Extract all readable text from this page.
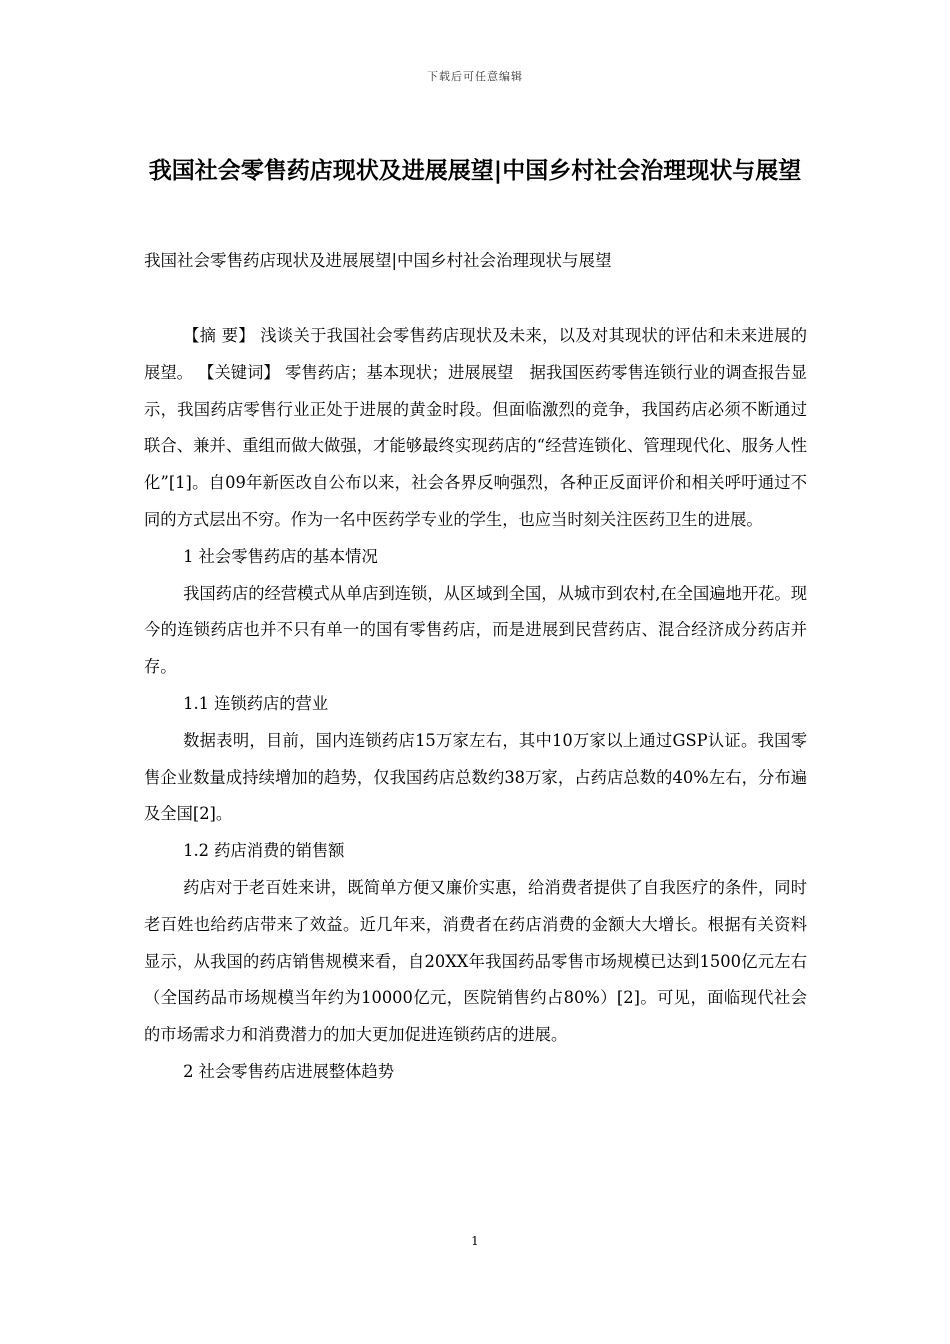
下载后可任意编辑
我国社会零售药店现状及进展展望|中国乡村社会治理现状与展望

我国社会零售药店现状及进展展望|中国乡村社会治理现状与展望

【摘 要】 浅谈关于我国社会零售药店现状及未来，以及对其现状的评估和未来进展的展望。 【关键词】 零售药店；基本现状；进展展望　据我国医药零售连锁行业的调查报告显示，我国药店零售行业正处于进展的黄金时段。但面临激烈的竞争，我国药店必须不断通过联合、兼并、重组而做大做强，才能够最终实现药店的“经营连锁化、管理现代化、服务人性化”[1]。自09年新医改自公布以来，社会各界反响强烈，各种正反面评价和相关呼吁通过不同的方式层出不穷。作为一名中医药学专业的学生，也应当时刻关注医药卫生的进展。

1 社会零售药店的基本情况

我国药店的经营模式从单店到连锁，从区域到全国，从城市到农村,在全国遍地开花。现今的连锁药店也并不只有单一的国有零售药店，而是进展到民营药店、混合经济成分药店并存。

1.1 连锁药店的营业

数据表明，目前，国内连锁药店15万家左右，其中10万家以上通过GSP认证。我国零售企业数量成持续增加的趋势，仅我国药店总数约38万家，占药店总数的40%左右，分布遍及全国[2]。

1.2 药店消费的销售额

药店对于老百姓来讲，既简单方便又廉价实惠，给消费者提供了自我医疗的条件，同时老百姓也给药店带来了效益。近几年来，消费者在药店消费的金额大大增长。根据有关资料显示，从我国的药店销售规模来看，自20XX年我国药品零售市场规模已达到1500亿元左右（全国药品市场规模当年约为10000亿元，医院销售约占80%）[2]。可见，面临现代社会的市场需求力和消费潜力的加大更加促进连锁药店的进展。

2 社会零售药店进展整体趋势

1
